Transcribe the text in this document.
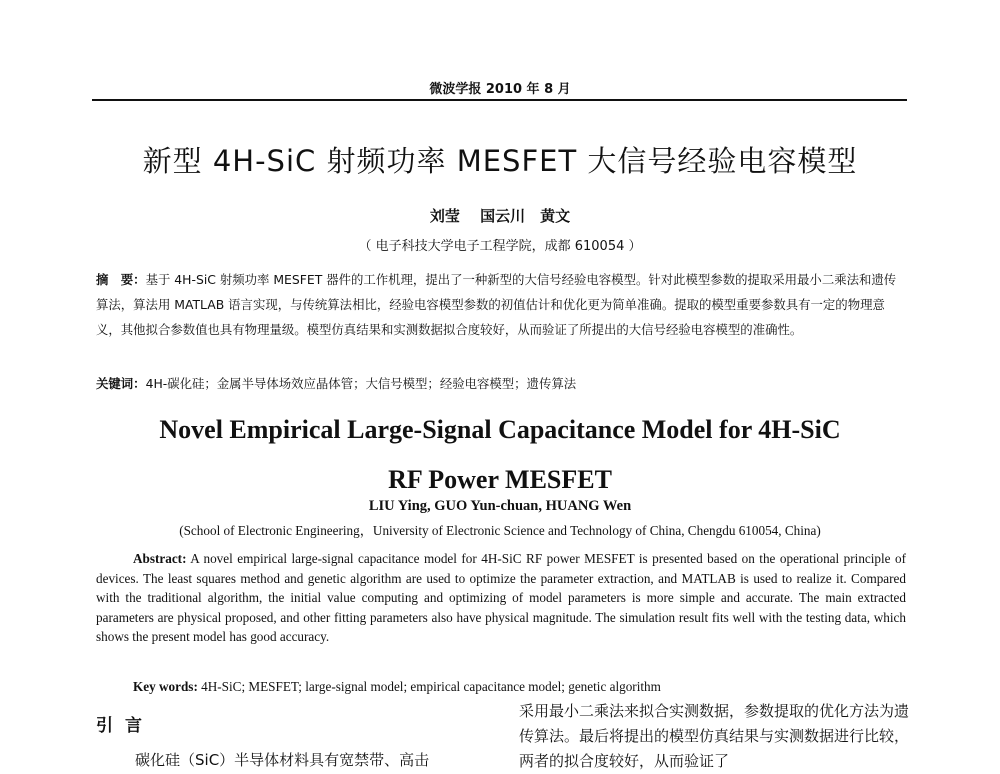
微波学报 2010 年 8 月
新型 4H-SiC 射频功率 MESFET 大信号经验电容模型
刘莹　 国云川　黄文
（ 电子科技大学电子工程学院，成都 610054 ）
摘　要：基于 4H-SiC 射频功率 MESFET 器件的工作机理，提出了一种新型的大信号经验电容模型。针对此模型参数的提取采用最小二乘法和遗传算法，算法用 MATLAB 语言实现，与传统算法相比，经验电容模型参数的初值估计和优化更为简单准确。提取的模型重要参数具有一定的物理意义，其他拟合参数值也具有物理量级。模型仿真结果和实测数据拟合度较好，从而验证了所提出的大信号经验电容模型的准确性。
关键词：4H-碳化硅；金属半导体场效应晶体管；大信号模型；经验电容模型；遗传算法
Novel Empirical Large-Signal Capacitance Model for 4H-SiC
RF Power MESFET
LIU Ying, GUO Yun-chuan, HUANG Wen
(School of Electronic Engineering，University of Electronic Science and Technology of China, Chengdu 610054, China)
Abstract: A novel empirical large-signal capacitance model for 4H-SiC RF power MESFET is presented based on the operational principle of devices. The least squares method and genetic algorithm are used to optimize the parameter extraction, and MATLAB is used to realize it. Compared with the traditional algorithm, the initial value computing and optimizing of model parameters is more simple and accurate. The main extracted parameters are physical proposed, and other fitting parameters also have physical magnitude. The simulation result fits well with the testing data, which shows the present model has good accuracy.
Key words: 4H-SiC; MESFET; large-signal model; empirical capacitance model; genetic algorithm
引言
碳化硅（SiC）半导体材料具有宽禁带、高击
采用最小二乘法来拟合实测数据，参数提取的优化方法为遗传算法。最后将提出的模型仿真结果与实测数据进行比较，两者的拟合度较好，从而验证了
